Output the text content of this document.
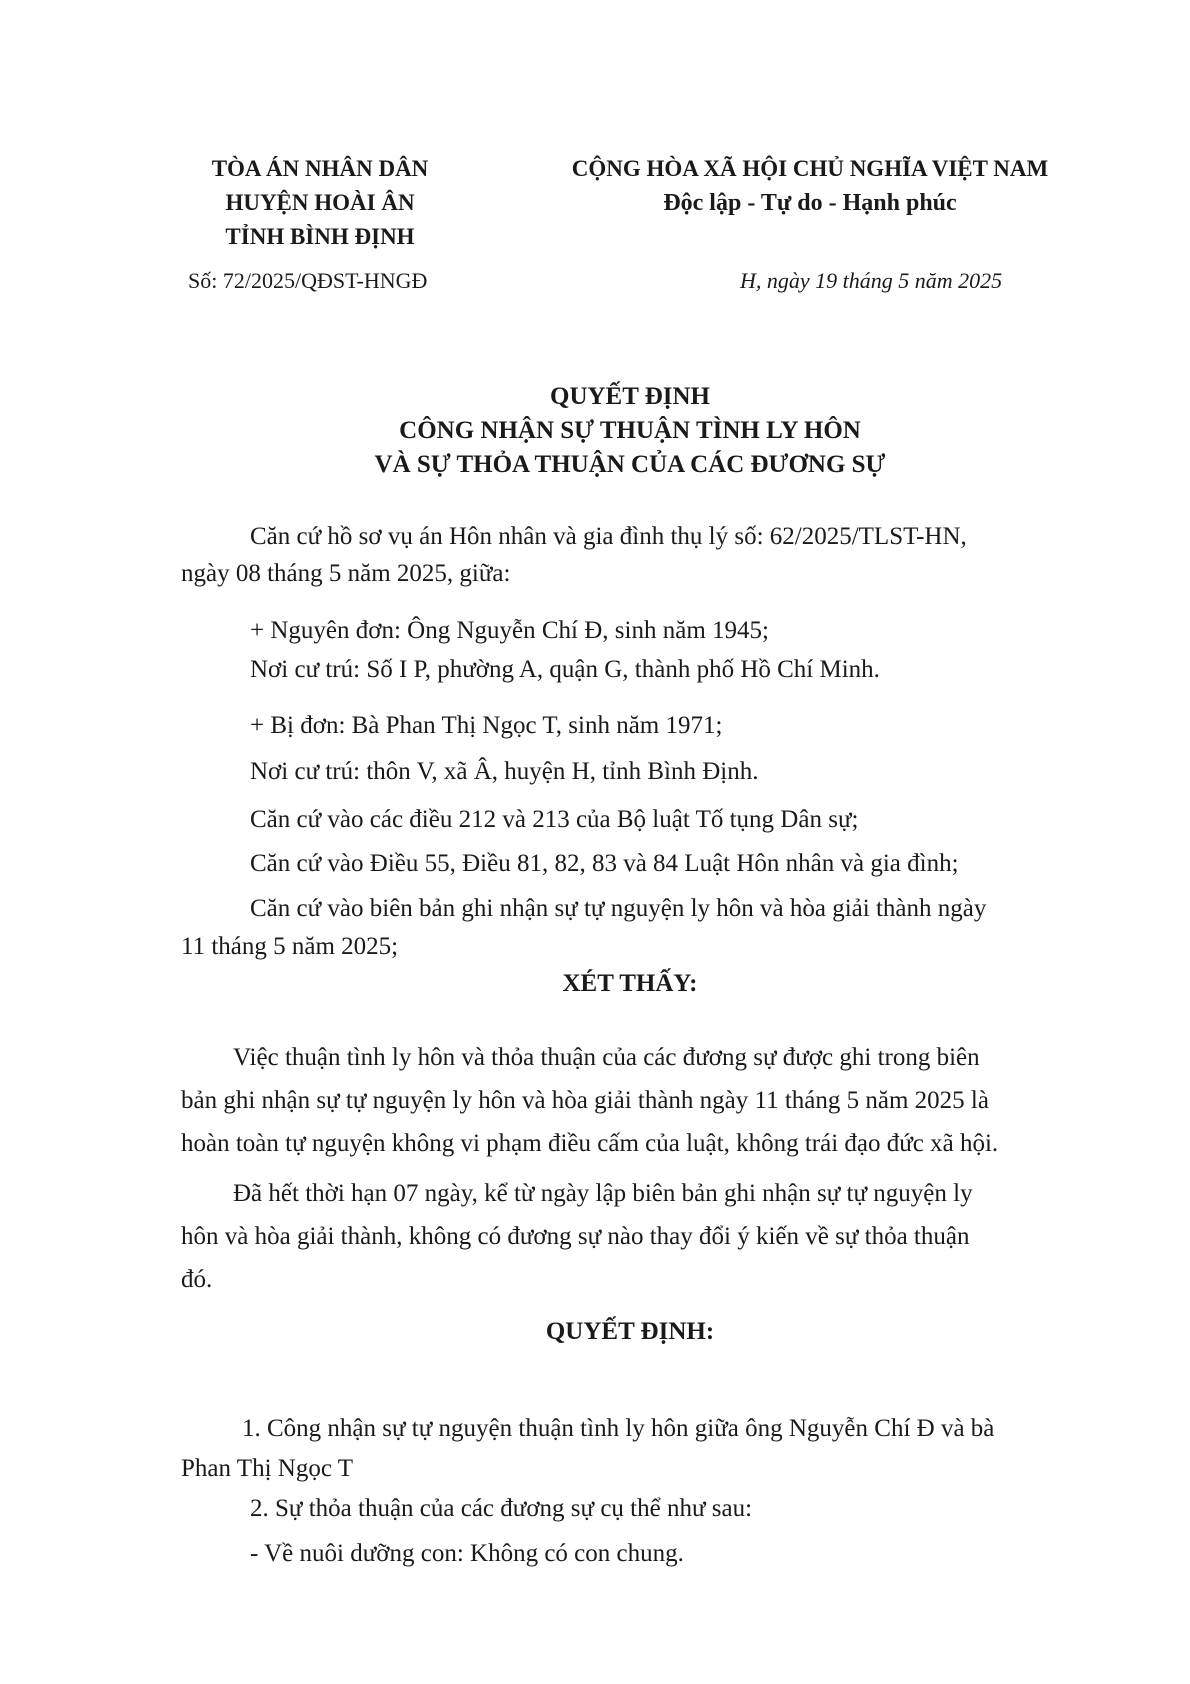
TÒA ÁN NHÂN DÂN
HUYỆN HOÀI ÂN
TỈNH BÌNH ĐỊNH
CỘNG HÒA XÃ HỘI CHỦ NGHĨA VIỆT NAM
Độc lập - Tự do - Hạnh phúc
Số: 72/2025/QĐST-HNGĐ	H, ngày 19 tháng 5 năm 2025
QUYẾT ĐỊNH
CÔNG NHẬN SỰ THUẬN TÌNH LY HÔN
VÀ SỰ THỎA THUẬN CỦA CÁC ĐƯƠNG SỰ
Căn cứ hồ sơ vụ án Hôn nhân và gia đình thụ lý số: 62/2025/TLST-HN,
ngày 08 tháng 5 năm 2025, giữa:
+ Nguyên đơn: Ông Nguyễn Chí Đ, sinh năm 1945;
Nơi cư trú: Số I P, phường A, quận G, thành phố Hồ Chí Minh.
+ Bị đơn: Bà Phan Thị Ngọc T, sinh năm 1971;
Nơi cư trú: thôn V, xã Â, huyện H, tỉnh Bình Định.
Căn cứ vào các điều 212 và 213 của Bộ luật Tố tụng Dân sự;
Căn cứ vào Điều 55, Điều 81, 82, 83 và 84 Luật Hôn nhân và gia đình;
Căn cứ vào biên bản ghi nhận sự tự nguyện ly hôn và hòa giải thành ngày
11 tháng 5 năm 2025;
XÉT THẤY:
Việc thuận tình ly hôn và thỏa thuận của các đương sự được ghi trong biên
bản ghi nhận sự tự nguyện ly hôn và hòa giải thành ngày 11 tháng 5 năm 2025 là
hoàn toàn tự nguyện không vi phạm điều cấm của luật, không trái đạo đức xã hội.
Đã hết thời hạn 07 ngày, kể từ ngày lập biên bản ghi nhận sự tự nguyện ly
hôn và hòa giải thành, không có đương sự nào thay đổi ý kiến về sự thỏa thuận
đó.
QUYẾT ĐỊNH:
1. Công nhận sự tự nguyện thuận tình ly hôn giữa ông Nguyễn Chí Đ và bà
Phan Thị Ngọc T
2. Sự thỏa thuận của các đương sự cụ thể như sau:
- Về nuôi dưỡng con: Không có con chung.
